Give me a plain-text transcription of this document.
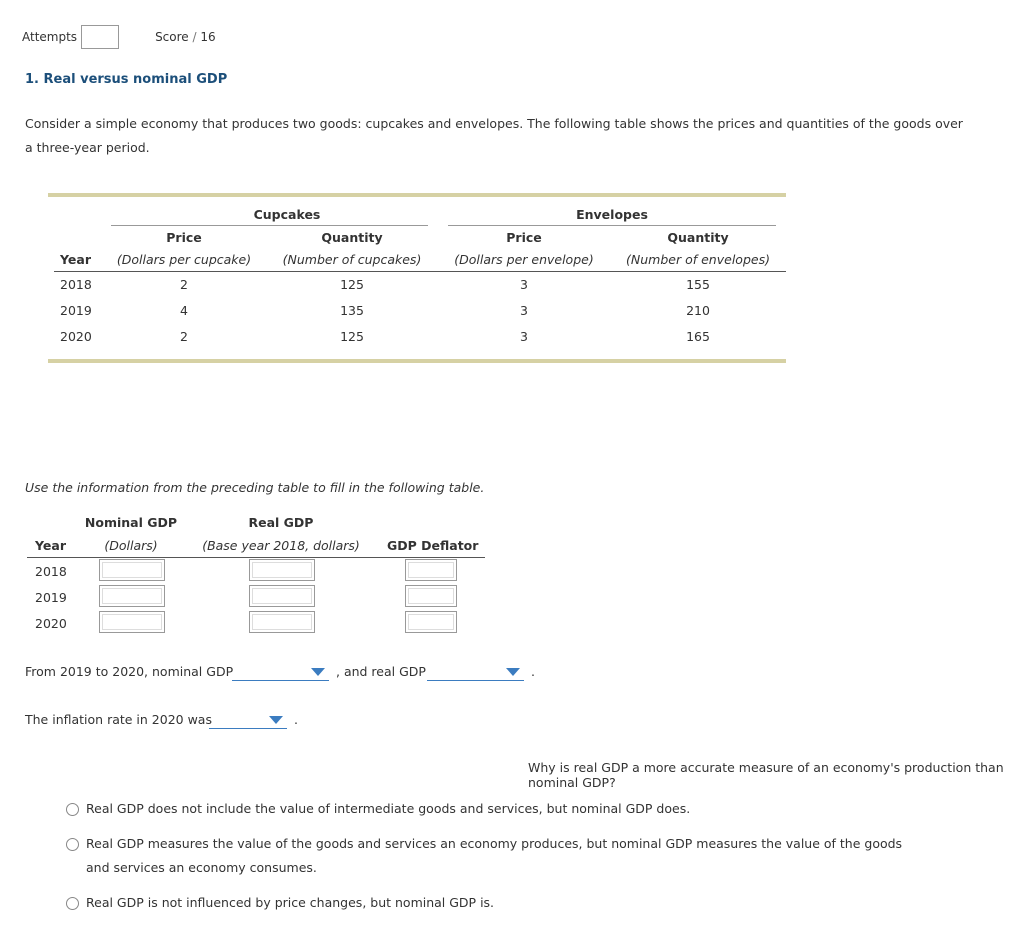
Attempts	Score / 16
1. Real versus nominal GDP
Consider a simple economy that produces two goods: cupcakes and envelopes. The following table shows the prices and quantities of the goods over a three-year period.
Cupcakes	Envelopes
Price	Quantity	Price	Quantity
Year	(Dollars per cupcake)	(Number of cupcakes)	(Dollars per envelope)	(Number of envelopes)
2018	2	125	3	155
2019	4	135	3	210
2020	2	125	3	165
Use the information from the preceding table to fill in the following table.
Nominal GDP	Real GDP
Year	(Dollars)	(Base year 2018, dollars)	GDP Deflator
2018
2019
2020
From 2019 to 2020, nominal GDP	, and real GDP	.
The inflation rate in 2020 was	.
Why is real GDP a more accurate measure of an economy's production than nominal GDP?
Real GDP does not include the value of intermediate goods and services, but nominal GDP does.
Real GDP measures the value of the goods and services an economy produces, but nominal GDP measures the value of the goods and services an economy consumes.
Real GDP is not influenced by price changes, but nominal GDP is.
